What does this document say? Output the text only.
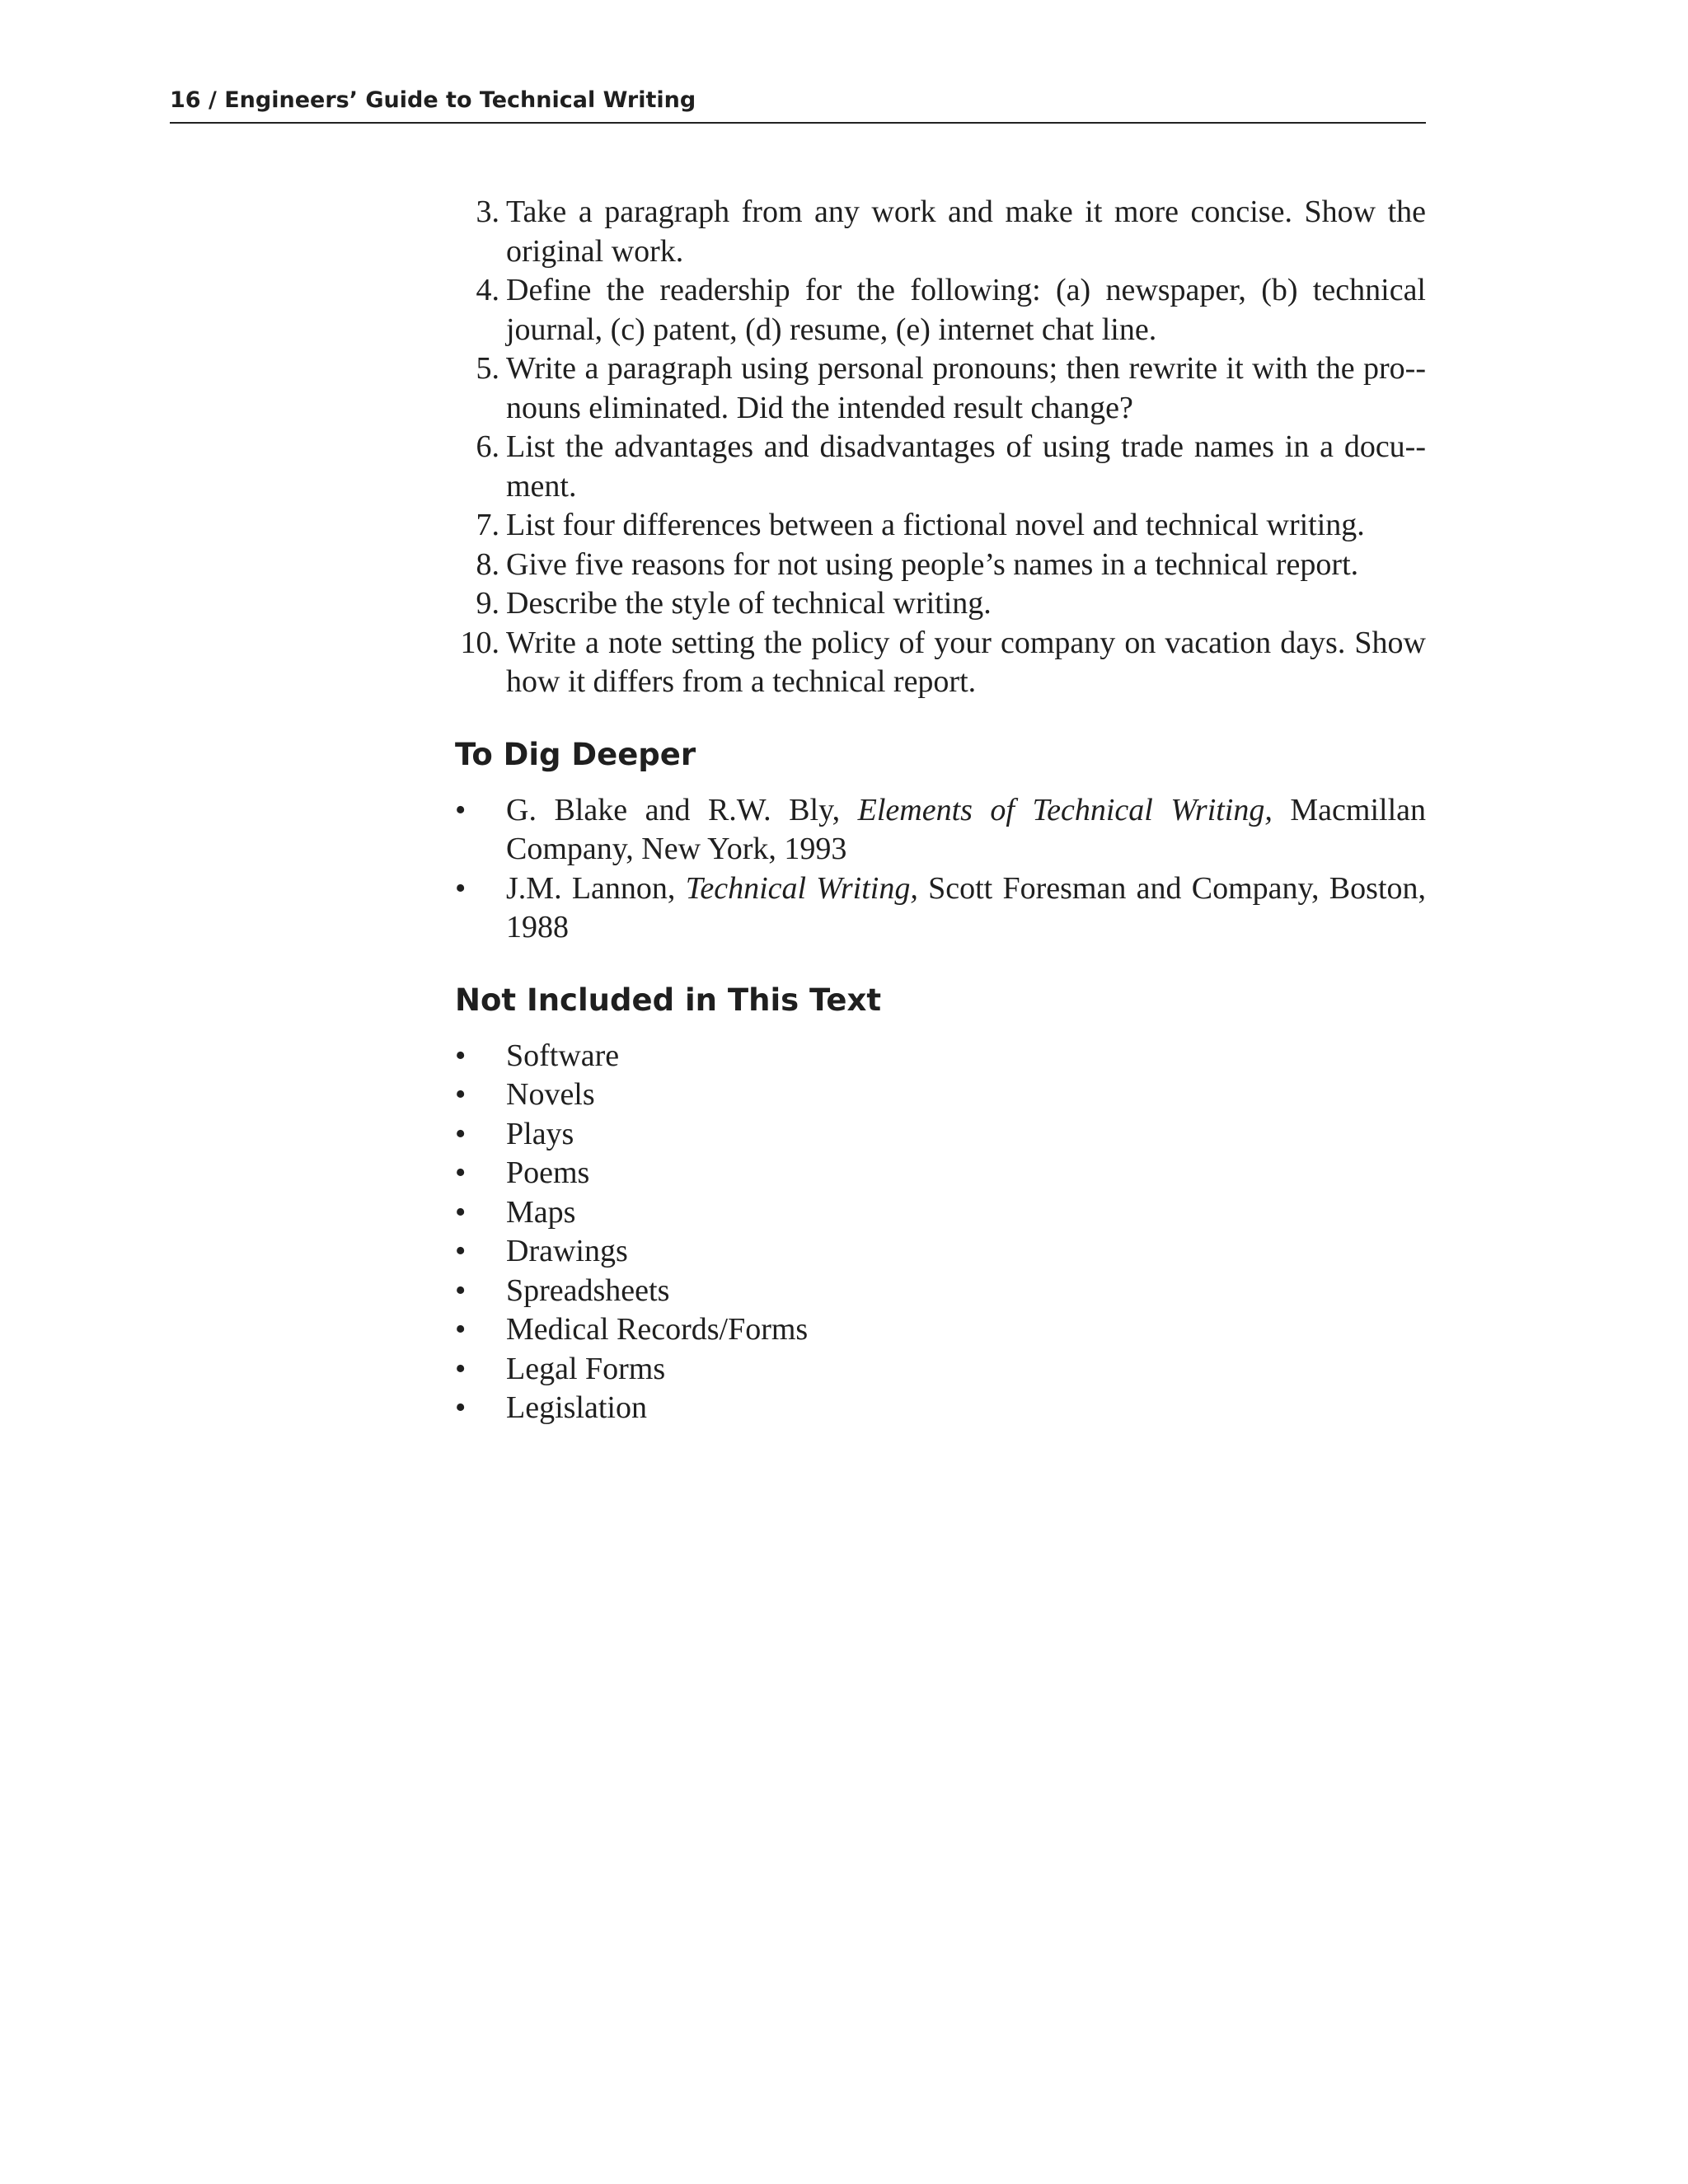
16 / Engineers’ Guide to Technical Writing
3. Take a paragraph from any work and make it more concise. Show the original work.
4. Define the readership for the following: (a) newspaper, (b) technical journal, (c) patent, (d) resume, (e) internet chat line.
5. Write a paragraph using personal pronouns; then rewrite it with the pro-nouns eliminated. Did the intended result change?
6. List the advantages and disadvantages of using trade names in a docu-ment.
7. List four differences between a fictional novel and technical writing.
8. Give five reasons for not using people’s names in a technical report.
9. Describe the style of technical writing.
10. Write a note setting the policy of your company on vacation days. Show how it differs from a technical report.
To Dig Deeper
• G. Blake and R.W. Bly, Elements of Technical Writing, Macmillan Company, New York, 1993
• J.M. Lannon, Technical Writing, Scott Foresman and Company, Boston, 1988
Not Included in This Text
• Software
• Novels
• Plays
• Poems
• Maps
• Drawings
• Spreadsheets
• Medical Records/Forms
• Legal Forms
• Legislation
